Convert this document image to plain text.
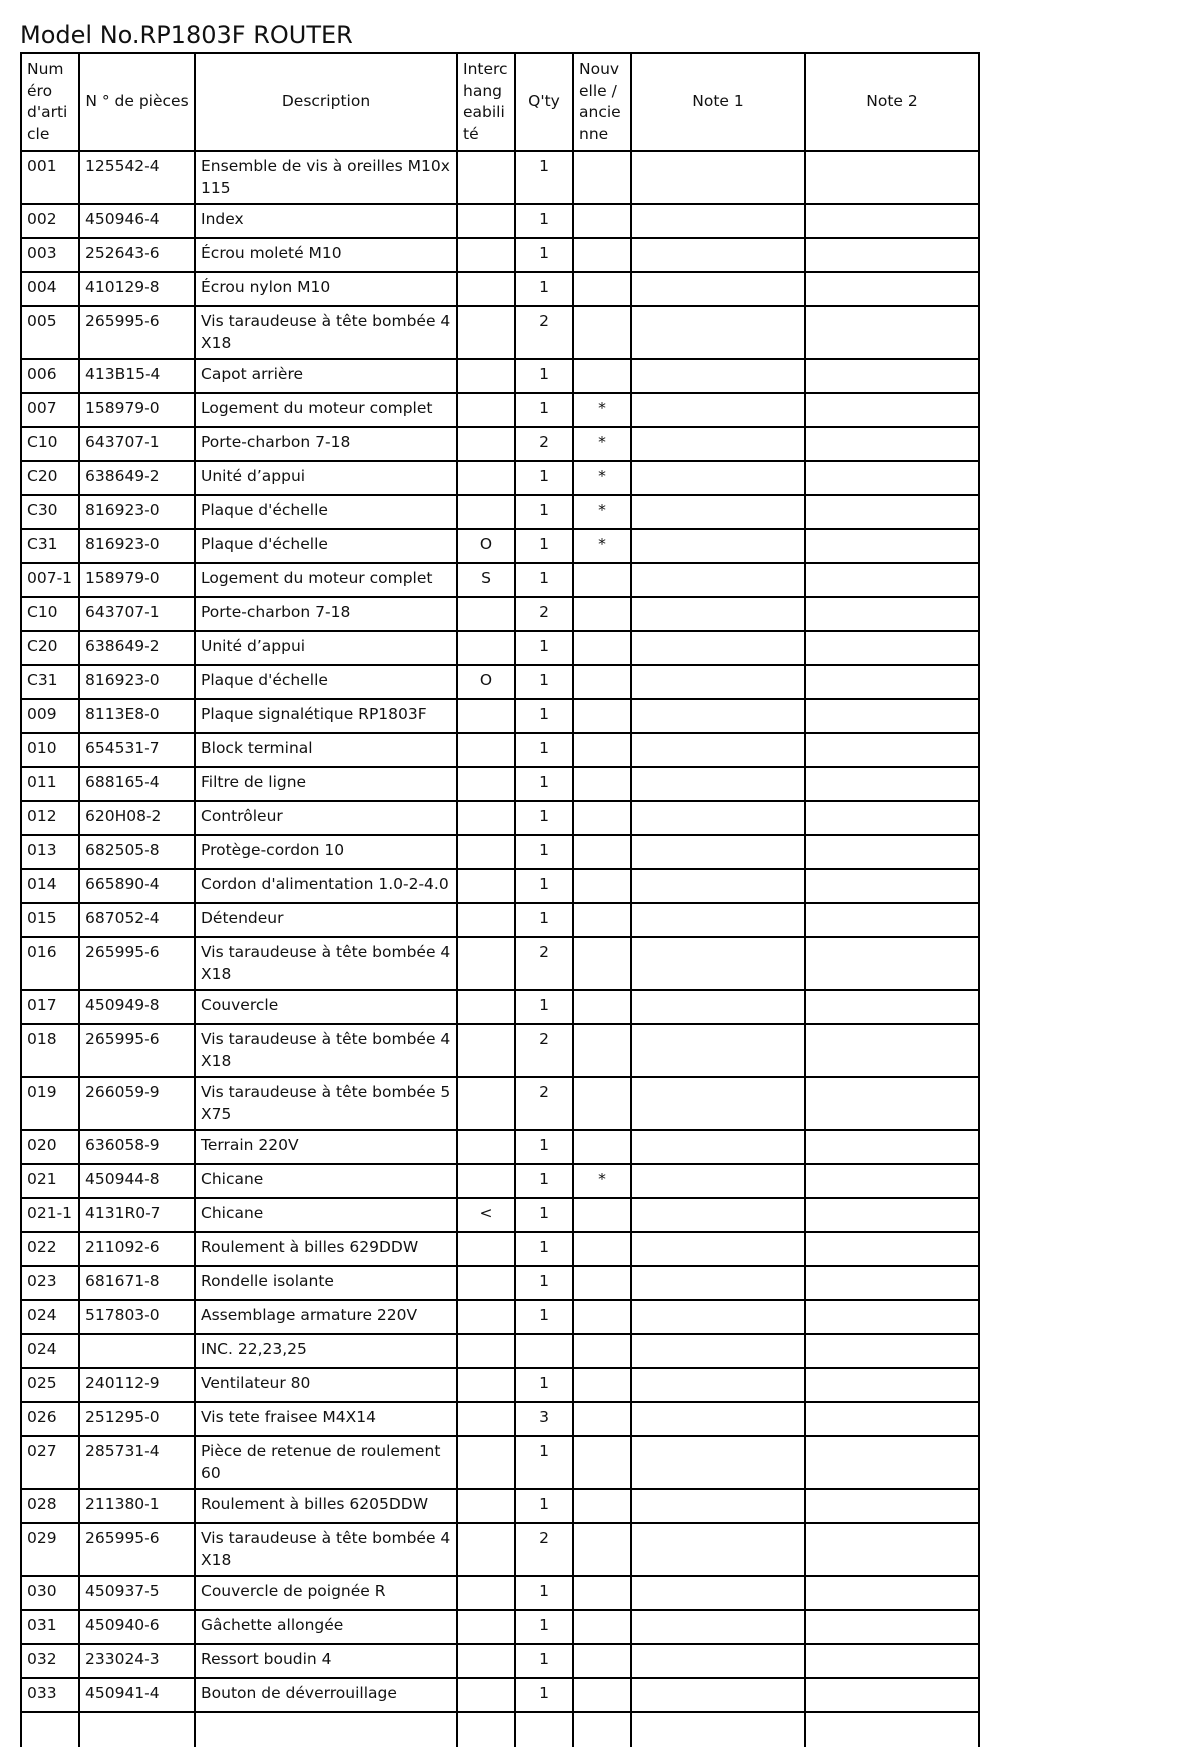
Model No.RP1803F ROUTER
Numéro d'article	N ° de pièces	Description	Interchangeabilité	Q'ty	Nouvelle / ancienne	Note 1	Note 2
001	125542-4	Ensemble de vis à oreilles M10x115		1			
002	450946-4	Index		1			
003	252643-6	Écrou moleté M10		1			
004	410129-8	Écrou nylon M10		1			
005	265995-6	Vis taraudeuse à tête bombée 4X18		2			
006	413B15-4	Capot arrière		1			
007	158979-0	Logement du moteur complet		1	*		
C10	643707-1	Porte-charbon 7-18		2	*		
C20	638649-2	Unité d’appui		1	*		
C30	816923-0	Plaque d'échelle		1	*		
C31	816923-0	Plaque d'échelle	O	1	*		
007-1	158979-0	Logement du moteur complet	S	1			
C10	643707-1	Porte-charbon 7-18		2			
C20	638649-2	Unité d’appui		1			
C31	816923-0	Plaque d'échelle	O	1			
009	8113E8-0	Plaque signalétique RP1803F		1			
010	654531-7	Block terminal		1			
011	688165-4	Filtre de ligne		1			
012	620H08-2	Contrôleur		1			
013	682505-8	Protège-cordon 10		1			
014	665890-4	Cordon d'alimentation 1.0-2-4.0		1			
015	687052-4	Détendeur		1			
016	265995-6	Vis taraudeuse à tête bombée 4X18		2			
017	450949-8	Couvercle		1			
018	265995-6	Vis taraudeuse à tête bombée 4X18		2			
019	266059-9	Vis taraudeuse à tête bombée 5X75		2			
020	636058-9	Terrain 220V		1			
021	450944-8	Chicane		1	*		
021-1	4131R0-7	Chicane	<	1			
022	211092-6	Roulement à billes 629DDW		1			
023	681671-8	Rondelle isolante		1			
024	517803-0	Assemblage armature 220V		1			
024		INC. 22,23,25					
025	240112-9	Ventilateur 80		1			
026	251295-0	Vis tete fraisee M4X14		3			
027	285731-4	Pièce de retenue de roulement 60		1			
028	211380-1	Roulement à billes 6205DDW		1			
029	265995-6	Vis taraudeuse à tête bombée 4X18		2			
030	450937-5	Couvercle de poignée R		1			
031	450940-6	Gâchette allongée		1			
032	233024-3	Ressort boudin 4		1			
033	450941-4	Bouton de déverrouillage		1			
